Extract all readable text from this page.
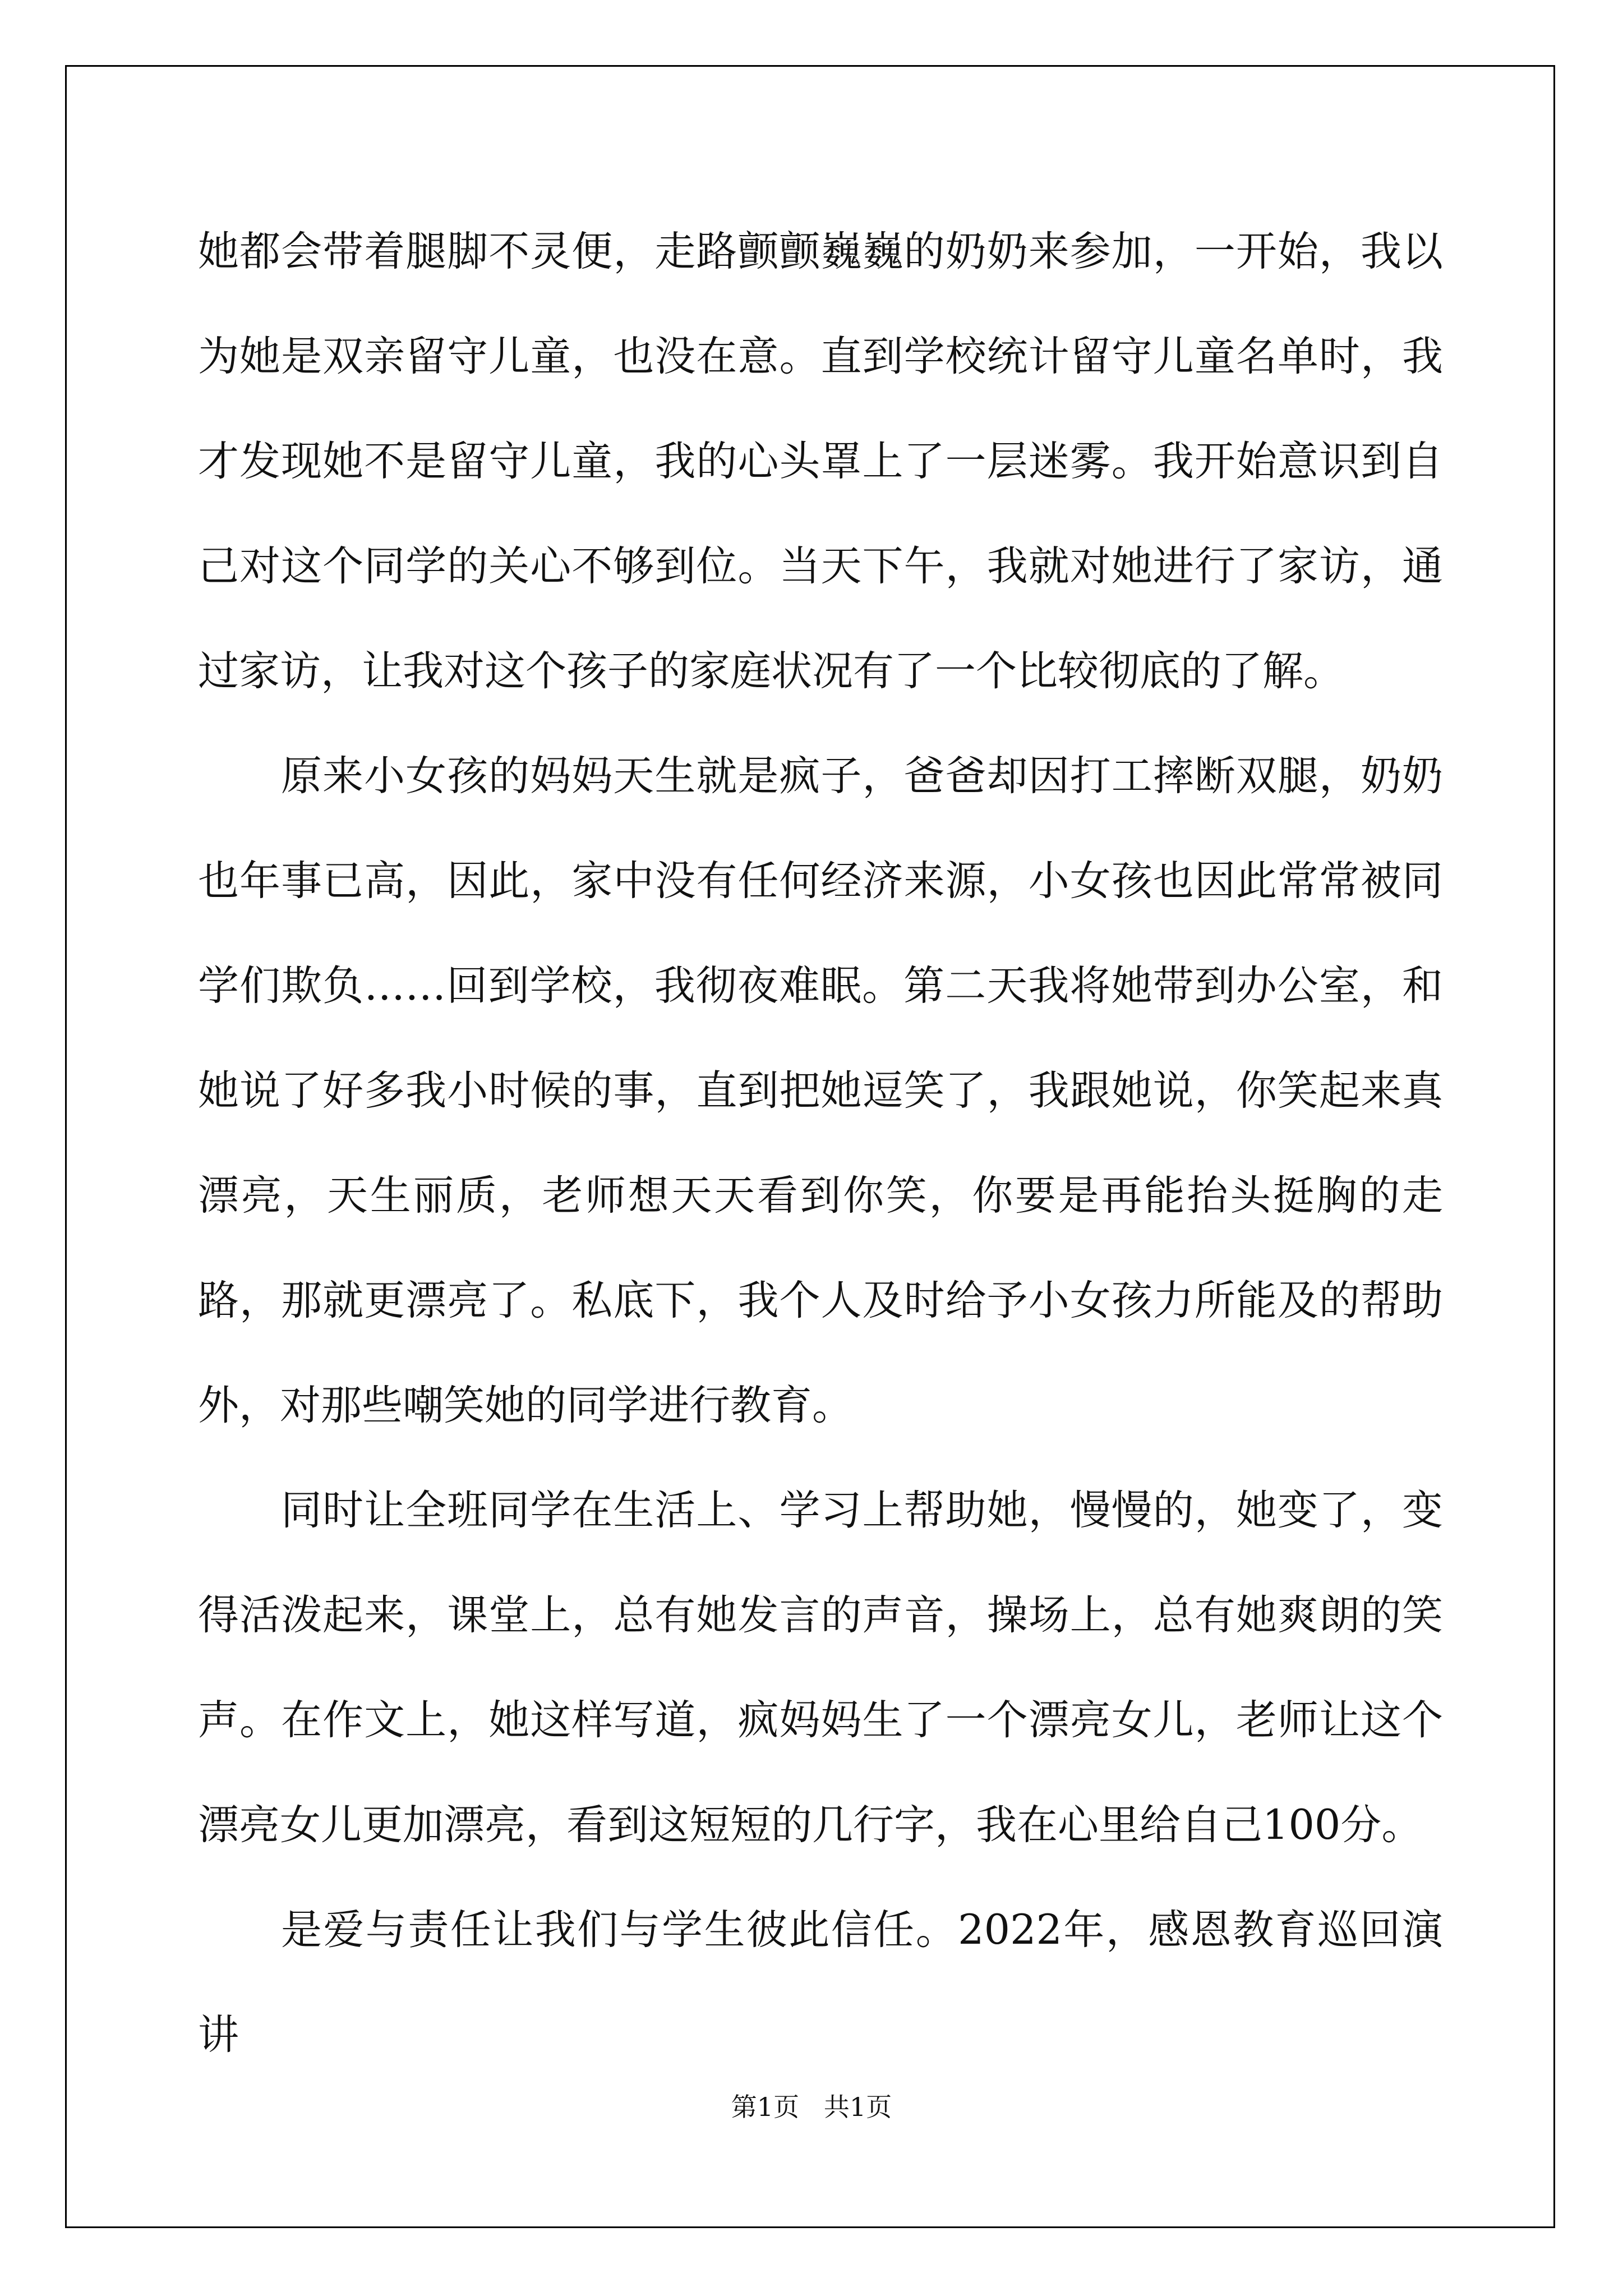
她都会带着腿脚不灵便，走路颤颤巍巍的奶奶来参加，一开始，我以为她是双亲留守儿童，也没在意。直到学校统计留守儿童名单时，我才发现她不是留守儿童，我的心头罩上了一层迷雾。我开始意识到自己对这个同学的关心不够到位。当天下午，我就对她进行了家访，通过家访，让我对这个孩子的家庭状况有了一个比较彻底的了解。

原来小女孩的妈妈天生就是疯子，爸爸却因打工摔断双腿，奶奶也年事已高，因此，家中没有任何经济来源，小女孩也因此常常被同学们欺负……回到学校，我彻夜难眠。第二天我将她带到办公室，和她说了好多我小时候的事，直到把她逗笑了，我跟她说，你笑起来真漂亮，天生丽质，老师想天天看到你笑，你要是再能抬头挺胸的走路，那就更漂亮了。私底下，我个人及时给予小女孩力所能及的帮助外，对那些嘲笑她的同学进行教育。

同时让全班同学在生活上、学习上帮助她，慢慢的，她变了，变得活泼起来，课堂上，总有她发言的声音，操场上，总有她爽朗的笑声。在作文上，她这样写道，疯妈妈生了一个漂亮女儿，老师让这个漂亮女儿更加漂亮，看到这短短的几行字，我在心里给自己100分。

是爱与责任让我们与学生彼此信任。2022年，感恩教育巡回演讲

第1页   共1页
